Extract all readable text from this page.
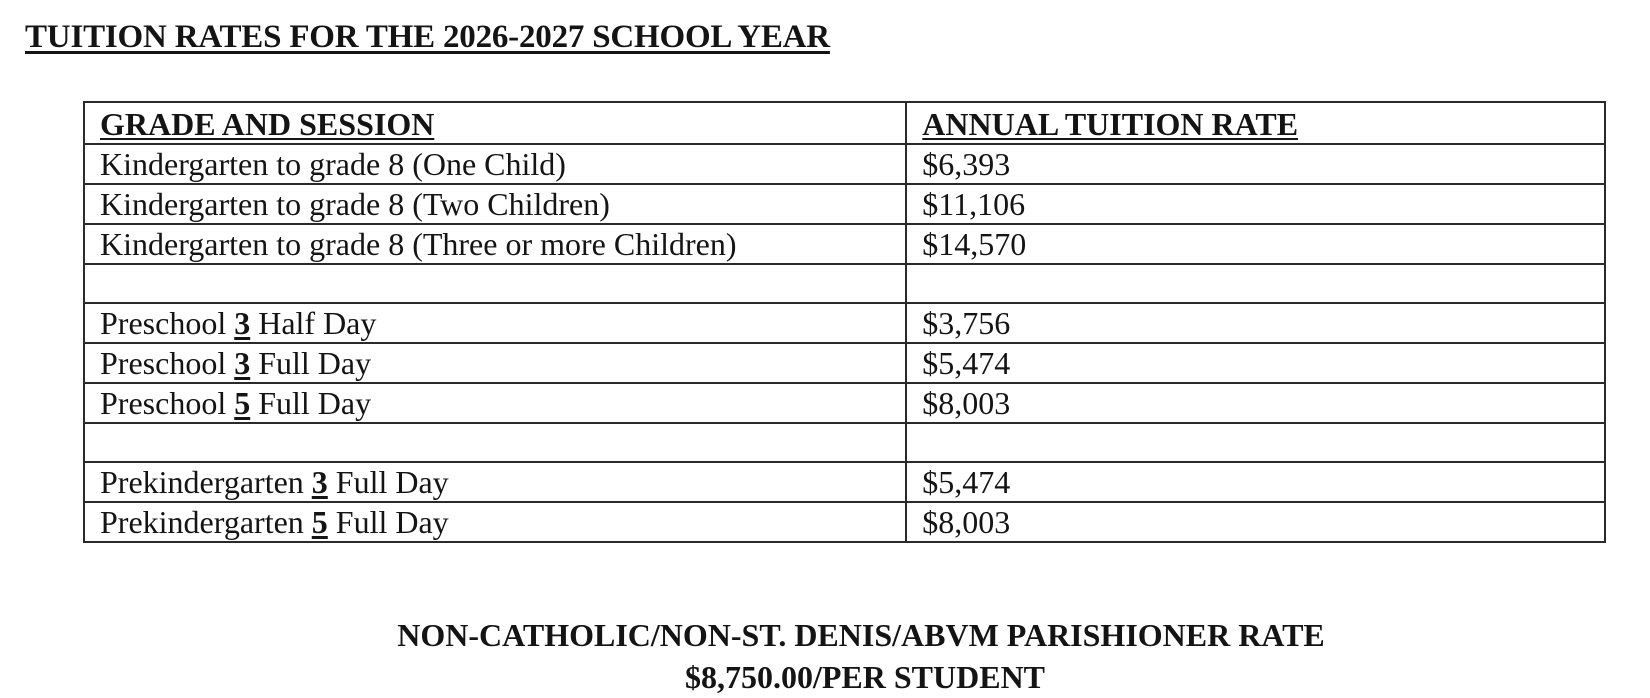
TUITION RATES FOR THE 2026-2027 SCHOOL YEAR
GRADE AND SESSION	ANNUAL TUITION RATE
Kindergarten to grade 8 (One Child)	$6,393
Kindergarten to grade 8 (Two Children)	$11,106
Kindergarten to grade 8 (Three or more Children)	$14,570

Preschool 3 Half Day	$3,756
Preschool 3 Full Day	$5,474
Preschool 5 Full Day	$8,003

Prekindergarten 3 Full Day	$5,474
Prekindergarten 5 Full Day	$8,003
NON-CATHOLIC/NON-ST. DENIS/ABVM PARISHIONER RATE
$8,750.00/PER STUDENT
